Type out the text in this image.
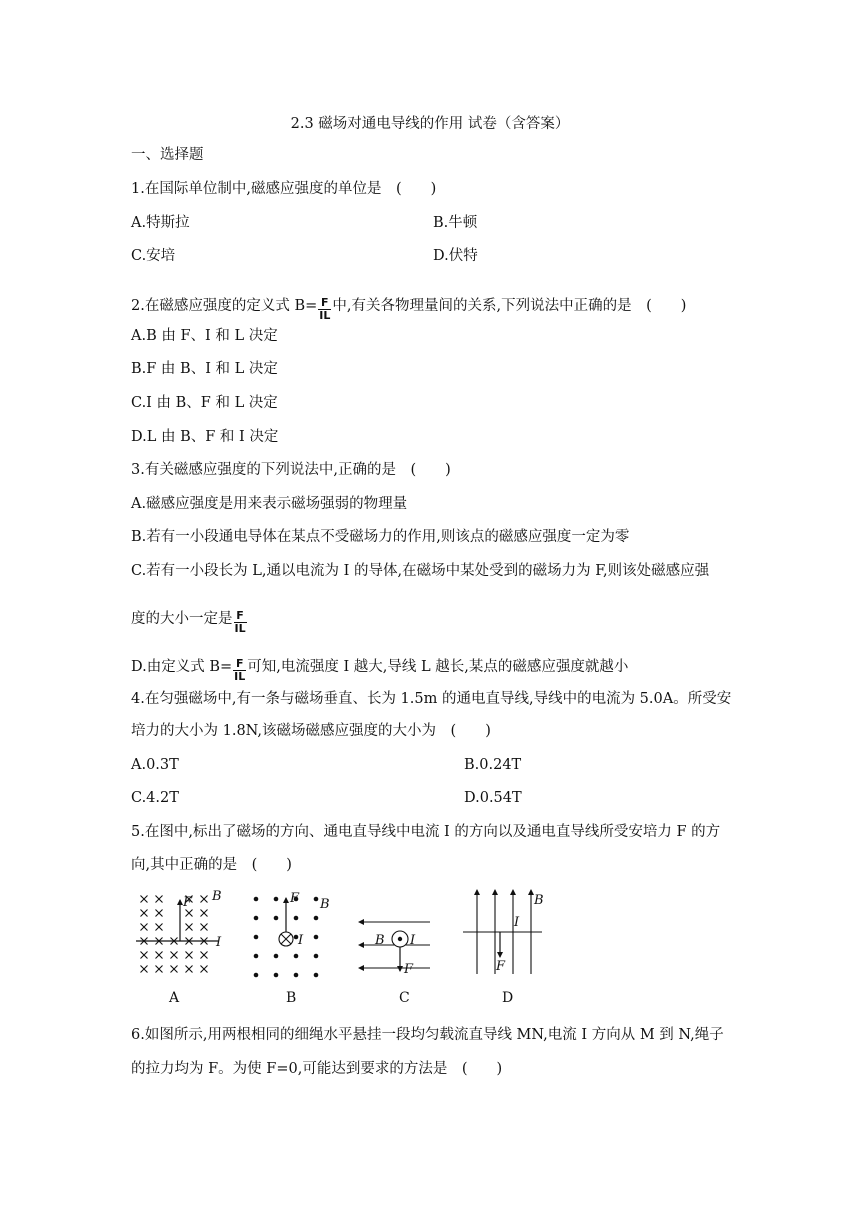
2.3 磁场对通电导线的作用 试卷（含答案）
一、选择题
1.在国际单位制中,磁感应强度的单位是　(　　)
A.特斯拉	B.牛顿
C.安培	D.伏特
2.在磁感应强度的定义式 $B= \frac{F}{IL}$ 中,有关各物理量间的关系,下列说法中正确的是　(　　)
A.B 由 F、I 和 L 决定
B.F 由 B、I 和 L 决定
C.I 由 B、F 和 L 决定
D.L 由 B、F 和 I 决定
3.有关磁感应强度的下列说法中,正确的是　(　　)
A.磁感应强度是用来表示磁场强弱的物理量
B.若有一小段通电导体在某点不受磁场力的作用,则该点的磁感应强度一定为零
C.若有一小段长为 L,通以电流为 I 的导体,在磁场中某处受到的磁场力为 F,则该处磁感应强
度的大小一定是 $\frac{F}{IL}$
D.由定义式 $B= \frac{F}{IL}$ 可知,电流强度 I 越大,导线 L 越长,某点的磁感应强度就越小
4.在匀强磁场中,有一条与磁场垂直、长为 1.5m 的通电直导线,导线中的电流为 5.0A。所受安
培力的大小为 1.8N,该磁场磁感应强度的大小为　(　　)
A.0.3T	B.0.24T
C.4.2T	D.0.54T
5.在图中,标出了磁场的方向、通电直导线中电流 I 的方向以及通电直导线所受安培力 F 的方
向,其中正确的是　(　　)
F B
I
A
F
I
B
B
B I
F
C
B
I
F
D
6.如图所示,用两根相同的细绳水平悬挂一段均匀载流直导线 MN,电流 I 方向从 M 到 N,绳子
的拉力均为 F。为使 F=0,可能达到要求的方法是　(　　)
